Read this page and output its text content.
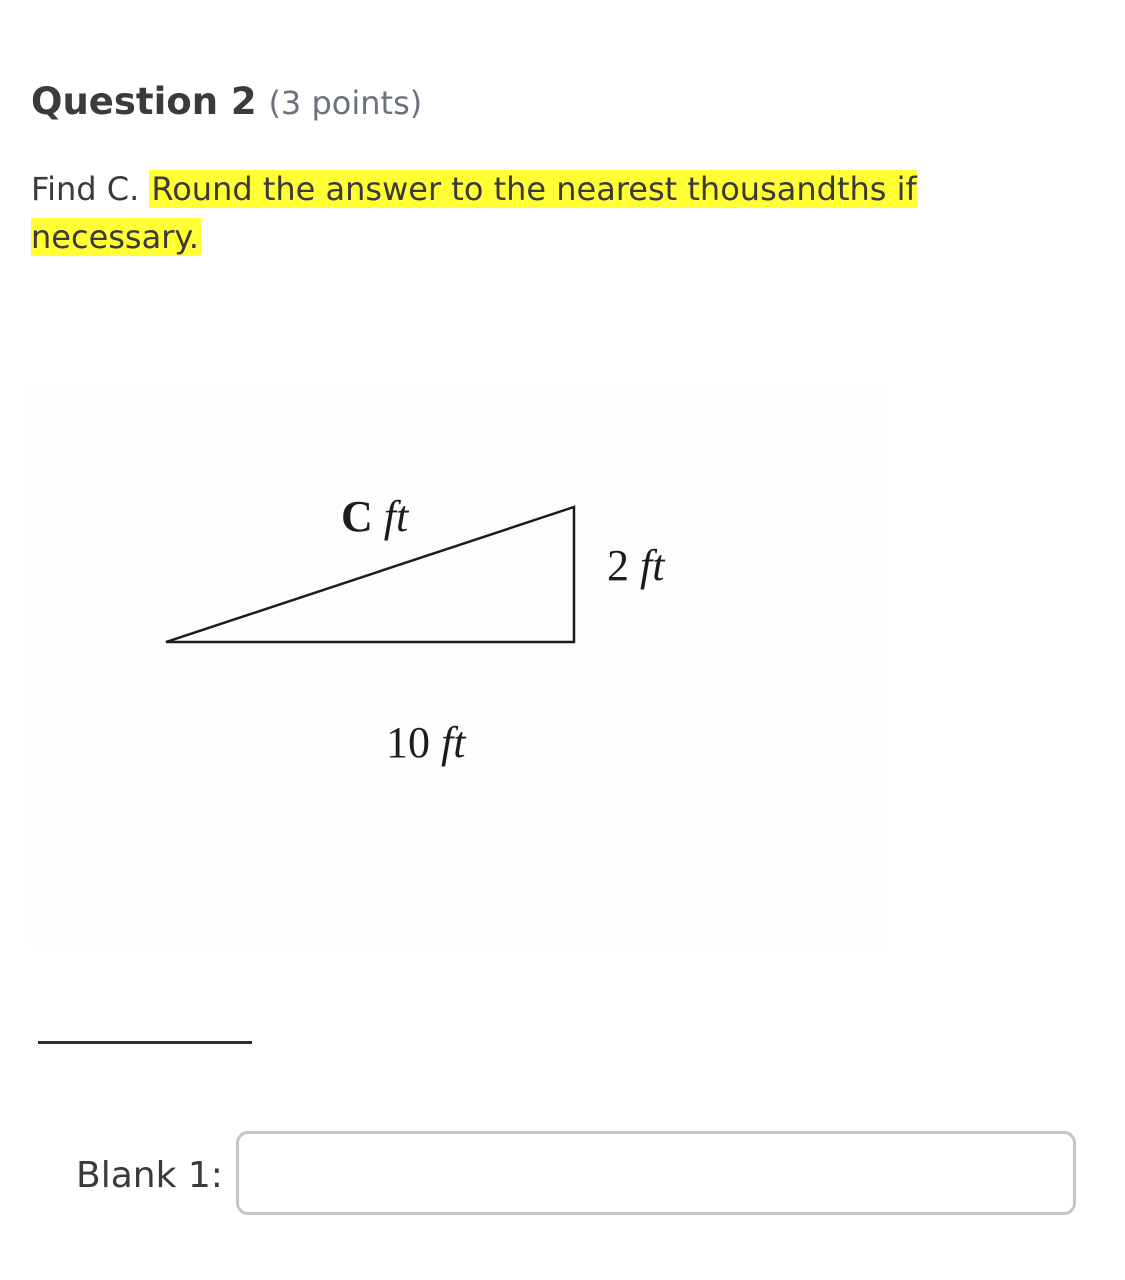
Question 2 (3 points)
Find C. Round the answer to the nearest thousandths if necessary.
C ft
2 ft
10 ft
Blank 1:
